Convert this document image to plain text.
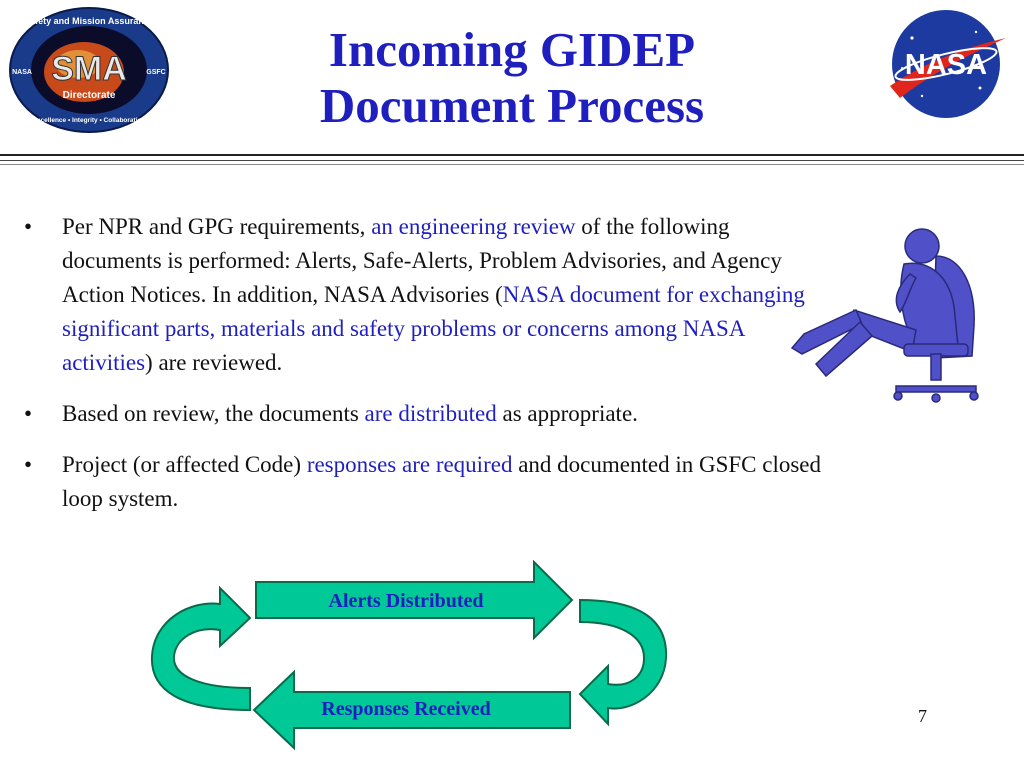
Safety and Mission Assurance
SMA
Directorate
NASA	GSFC
Excellence • Integrity • Collaboration
Incoming GIDEP
Document Process
NASA
• Per NPR and GPG requirements, an engineering review of the following documents is performed: Alerts, Safe-Alerts, Problem Advisories, and Agency Action Notices. In addition, NASA Advisories (NASA document for exchanging significant parts, materials and safety problems or concerns among NASA activities) are reviewed.
• Based on review, the documents are distributed as appropriate.
• Project (or affected Code) responses are required and documented in GSFC closed loop system.
Alerts Distributed
Responses Received	7
